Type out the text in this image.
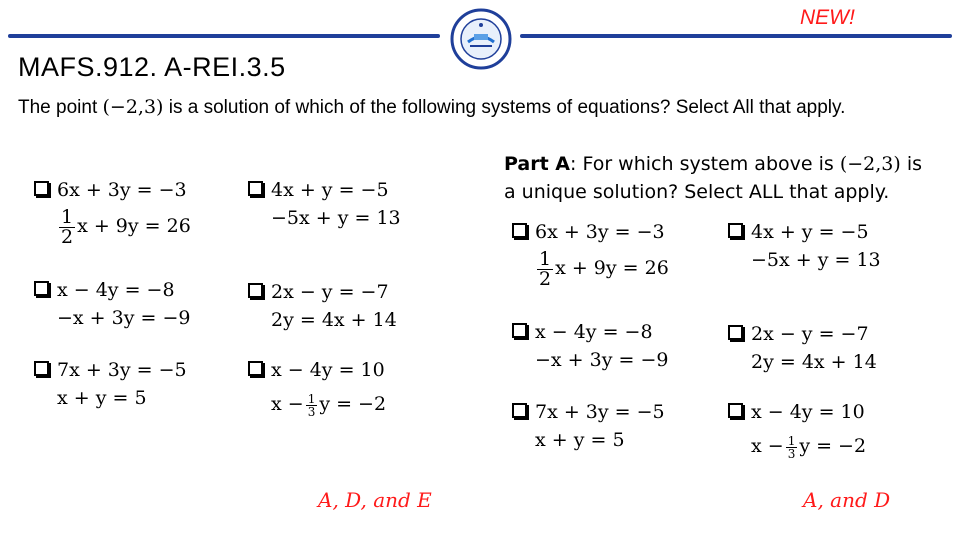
NEW!
MAFS.912. A-REI.3.5
The point (−2,3) is a solution of which of the following systems of equations? Select All that apply.
6x + 3y = −3
$\frac{1}{2}$ x + 9y = 26
4x + y = −5
−5x + y = 13
x − 4y = −8
−x + 3y = −9
2x − y = −7
2y = 4x + 14
7x + 3y = −5
x + y = 5
x − 4y = 10
$x - \frac{1}{3}$ y = −2
Part A: For which system above is (−2,3) is a unique solution? Select ALL that apply.
6x + 3y = −3
$\frac{1}{2}$ x + 9y = 26
4x + y = −5
−5x + y = 13
x − 4y = −8
−x + 3y = −9
2x − y = −7
2y = 4x + 14
7x + 3y = −5
x + y = 5
x − 4y = 10
$x - \frac{1}{3}$ y = −2
A, D, and E	A, and D
